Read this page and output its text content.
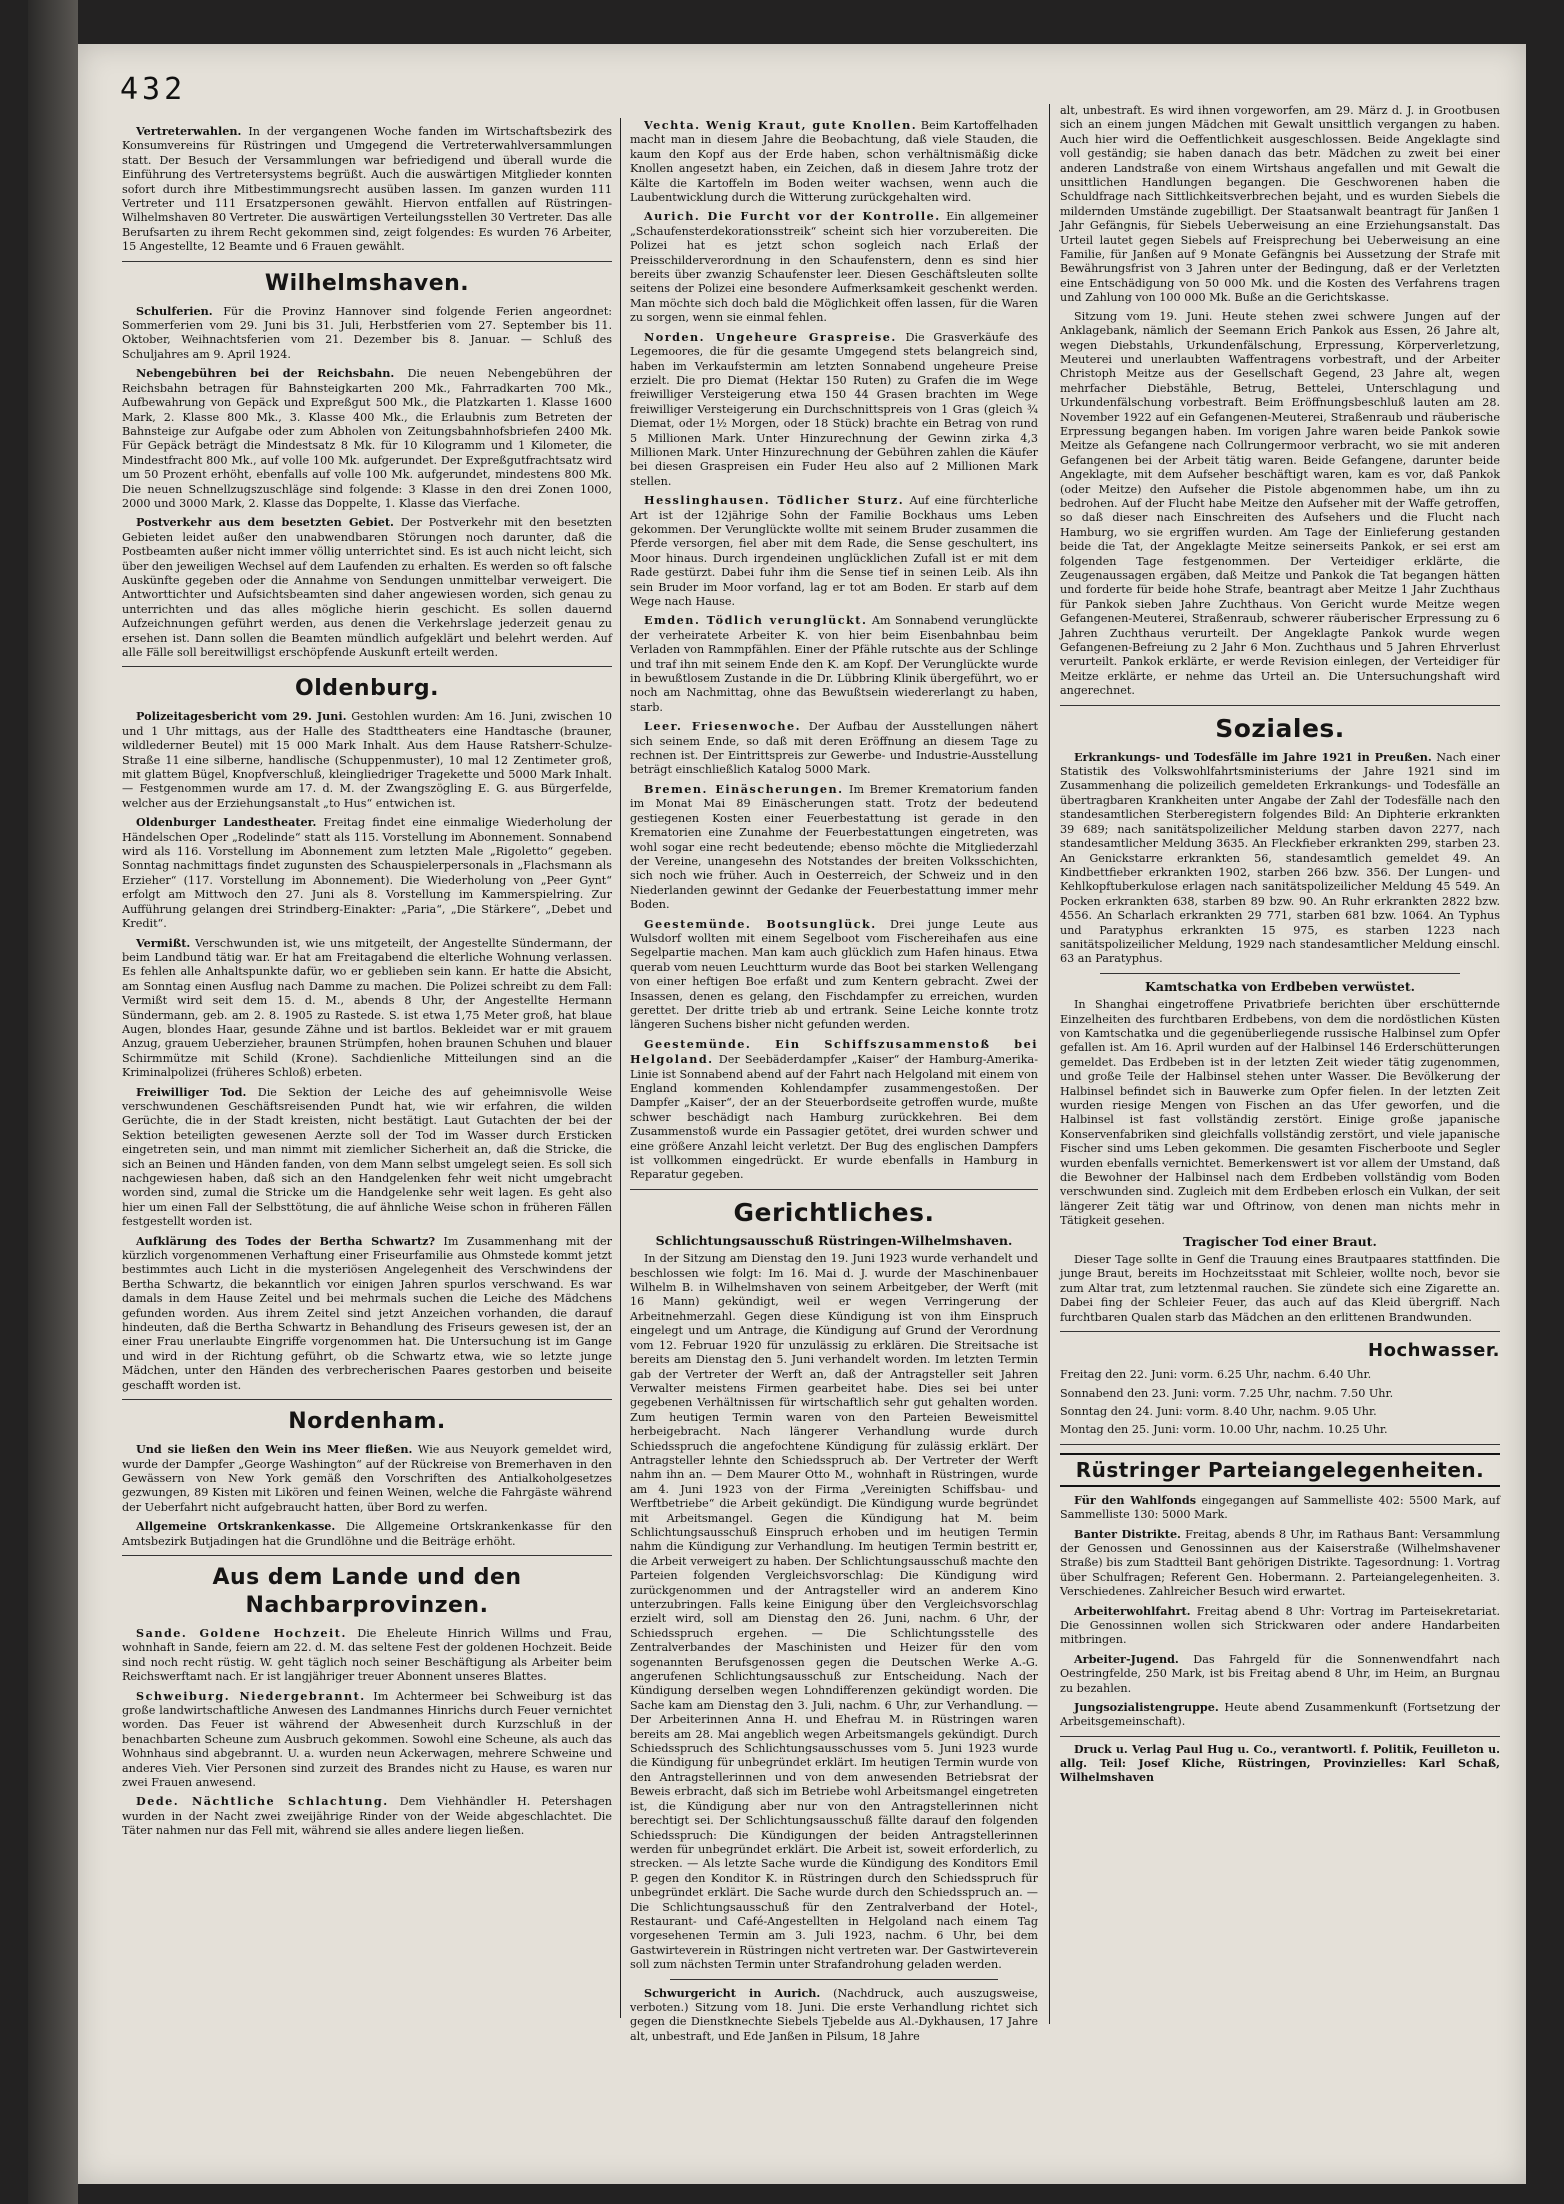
432

Vertreterwahlen. In der vergangenen Woche fanden im Wirtschaftsbezirk des Konsumvereins für Rüstringen und Umgegend die Vertreterwahlversammlungen statt. Der Besuch der Versammlungen war befriedigend und überall wurde die Einführung des Vertretersystems begrüßt. Auch die auswärtigen Mitglieder konnten sofort durch ihre Mitbestimmungsrecht ausüben lassen. Im ganzen wurden 111 Vertreter und 111 Ersatzpersonen gewählt. Hiervon entfallen auf Rüstringen-Wilhelmshaven 80 Vertreter. Die auswärtigen Verteilungsstellen 30 Vertreter. Das alle Berufsarten zu ihrem Recht gekommen sind, zeigt folgendes: Es wurden 76 Arbeiter, 15 Angestellte, 12 Beamte und 6 Frauen gewählt.

Wilhelmshaven.

Schulferien. Für die Provinz Hannover sind folgende Ferien angeordnet: Sommerferien vom 29. Juni bis 31. Juli, Herbstferien vom 27. September bis 11. Oktober, Weihnachtsferien vom 21. Dezember bis 8. Januar. — Schluß des Schuljahres am 9. April 1924.

Nebengebühren bei der Reichsbahn. Die neuen Nebengebühren der Reichsbahn betragen für Bahnsteigkarten 200 Mk., Fahrradkarten 700 Mk., Aufbewahrung von Gepäck und Expreßgut 500 Mk., die Platzkarten 1. Klasse 1600 Mark, 2. Klasse 800 Mk., 3. Klasse 400 Mk., die Erlaubnis zum Betreten der Bahnsteige zur Aufgabe oder zum Abholen von Zeitungsbahnhofsbriefen 2400 Mk. Für Gepäck beträgt die Mindestsatz 8 Mk. für 10 Kilogramm und 1 Kilometer, die Mindestfracht 800 Mk., auf volle 100 Mk. aufgerundet. Der Expreßgutfrachtsatz wird um 50 Prozent erhöht, ebenfalls auf volle 100 Mk. aufgerundet, mindestens 800 Mk. Die neuen Schnellzugszuschläge sind folgende: 3 Klasse in den drei Zonen 1000, 2000 und 3000 Mark, 2. Klasse das Doppelte, 1. Klasse das Vierfache.

Postverkehr aus dem besetzten Gebiet. Der Postverkehr mit den besetzten Gebieten leidet außer den unabwendbaren Störungen noch darunter, daß die Postbeamten außer nicht immer völlig unterrichtet sind. Es ist auch nicht leicht, sich über den jeweiligen Wechsel auf dem Laufenden zu erhalten. Es werden so oft falsche Auskünfte gegeben oder die Annahme von Sendungen unmittelbar verweigert. Die Antworttichter und Aufsichtsbeamten sind daher angewiesen worden, sich genau zu unterrichten und das alles mögliche hierin geschicht. Es sollen dauernd Aufzeichnungen geführt werden, aus denen die Verkehrslage jederzeit genau zu ersehen ist. Dann sollen die Beamten mündlich aufgeklärt und belehrt werden. Auf alle Fälle soll bereitwilligst erschöpfende Auskunft erteilt werden.

Oldenburg.

Polizeitagesbericht vom 29. Juni. Gestohlen wurden: Am 16. Juni, zwischen 10 und 1 Uhr mittags, aus der Halle des Stadttheaters eine Handtasche (brauner, wildlederner Beutel) mit 15 000 Mark Inhalt. Aus dem Hause Ratsherr-Schulze-Straße 11 eine silberne, handlische (Schuppenmuster), 10 mal 12 Zentimeter groß, mit glattem Bügel, Knopfverschluß, kleingliedriger Tragekette und 5000 Mark Inhalt. — Festgenommen wurde am 17. d. M. der Zwangszögling E. G. aus Bürgerfelde, welcher aus der Erziehungsanstalt „to Hus“ entwichen ist.

Oldenburger Landestheater. Freitag findet eine einmalige Wiederholung der Händelschen Oper „Rodelinde“ statt als 115. Vorstellung im Abonnement. Sonnabend wird als 116. Vorstellung im Abonnement zum letzten Male „Rigoletto“ gegeben. Sonntag nachmittags findet zugunsten des Schauspielerpersonals in „Flachsmann als Erzieher“ (117. Vorstellung im Abonnement). Die Wiederholung von „Peer Gynt“ erfolgt am Mittwoch den 27. Juni als 8. Vorstellung im Kammerspielring. Zur Aufführung gelangen drei Strindberg-Einakter: „Paria“, „Die Stärkere“, „Debet und Kredit“.

Vermißt. Verschwunden ist, wie uns mitgeteilt, der Angestellte Sündermann, der beim Landbund tätig war. Er hat am Freitagabend die elterliche Wohnung verlassen. Es fehlen alle Anhaltspunkte dafür, wo er geblieben sein kann. Er hatte die Absicht, am Sonntag einen Ausflug nach Damme zu machen. Die Polizei schreibt zu dem Fall: Vermißt wird seit dem 15. d. M., abends 8 Uhr, der Angestellte Hermann Sündermann, geb. am 2. 8. 1905 zu Rastede. S. ist etwa 1,75 Meter groß, hat blaue Augen, blondes Haar, gesunde Zähne und ist bartlos. Bekleidet war er mit grauem Anzug, grauem Ueberzieher, braunen Strümpfen, hohen braunen Schuhen und blauer Schirmmütze mit Schild (Krone). Sachdienliche Mitteilungen sind an die Kriminalpolizei (früheres Schloß) erbeten.

Freiwilliger Tod. Die Sektion der Leiche des auf geheimnisvolle Weise verschwundenen Geschäftsreisenden Pundt hat, wie wir erfahren, die wilden Gerüchte, die in der Stadt kreisten, nicht bestätigt. Laut Gutachten der bei der Sektion beteiligten gewesenen Aerzte soll der Tod im Wasser durch Ersticken eingetreten sein, und man nimmt mit ziemlicher Sicherheit an, daß die Stricke, die sich an Beinen und Händen fanden, von dem Mann selbst umgelegt seien. Es soll sich nachgewiesen haben, daß sich an den Handgelenken fehr weit nicht umgebracht worden sind, zumal die Stricke um die Handgelenke sehr weit lagen. Es geht also hier um einen Fall der Selbsttötung, die auf ähnliche Weise schon in früheren Fällen festgestellt worden ist.

Aufklärung des Todes der Bertha Schwartz? Im Zusammenhang mit der kürzlich vorgenommenen Verhaftung einer Friseurfamilie aus Ohmstede kommt jetzt bestimmtes auch Licht in die mysteriösen Angelegenheit des Verschwindens der Bertha Schwartz, die bekanntlich vor einigen Jahren spurlos verschwand. Es war damals in dem Hause Zeitel und bei mehrmals suchen die Leiche des Mädchens gefunden worden. Aus ihrem Zeitel sind jetzt Anzeichen vorhanden, die darauf hindeuten, daß die Bertha Schwartz in Behandlung des Friseurs gewesen ist, der an einer Frau unerlaubte Eingriffe vorgenommen hat. Die Untersuchung ist im Gange und wird in der Richtung geführt, ob die Schwartz etwa, wie so letzte junge Mädchen, unter den Händen des verbrecherischen Paares gestorben und beiseite geschafft worden ist.

Nordenham.

Und sie ließen den Wein ins Meer fließen. Wie aus Neuyork gemeldet wird, wurde der Dampfer „George Washington“ auf der Rückreise von Bremerhaven in den Gewässern von New York gemäß den Vorschriften des Antialkoholgesetzes gezwungen, 89 Kisten mit Likören und feinen Weinen, welche die Fahrgäste während der Ueberfahrt nicht aufgebraucht hatten, über Bord zu werfen.

Allgemeine Ortskrankenkasse. Die Allgemeine Ortskrankenkasse für den Amtsbezirk Butjadingen hat die Grundlöhne und die Beiträge erhöht.

Aus dem Lande und den Nachbarprovinzen.

Sande. Goldene Hochzeit. Die Eheleute Hinrich Willms und Frau, wohnhaft in Sande, feiern am 22. d. M. das seltene Fest der goldenen Hochzeit. Beide sind noch recht rüstig. W. geht täglich noch seiner Beschäftigung als Arbeiter beim Reichswerftamt nach. Er ist langjähriger treuer Abonnent unseres Blattes.

Schweiburg. Niedergebrannt. Im Achtermeer bei Schweiburg ist das große landwirtschaftliche Anwesen des Landmannes Hinrichs durch Feuer vernichtet worden. Das Feuer ist während der Abwesenheit durch Kurzschluß in der benachbarten Scheune zum Ausbruch gekommen. Sowohl eine Scheune, als auch das Wohnhaus sind abgebrannt. U. a. wurden neun Ackerwagen, mehrere Schweine und anderes Vieh. Vier Personen sind zurzeit des Brandes nicht zu Hause, es waren nur zwei Frauen anwesend.

Dede. Nächtliche Schlachtung. Dem Viehhändler H. Petershagen wurden in der Nacht zwei zweijährige Rinder von der Weide abgeschlachtet. Die Täter nahmen nur das Fell mit, während sie alles andere liegen ließen.

Vechta. Wenig Kraut, gute Knollen. Beim Kartoffelhaden macht man in diesem Jahre die Beobachtung, daß viele Stauden, die kaum den Kopf aus der Erde haben, schon verhältnismäßig dicke Knollen angesetzt haben, ein Zeichen, daß in diesem Jahre trotz der Kälte die Kartoffeln im Boden weiter wachsen, wenn auch die Laubentwicklung durch die Witterung zurückgehalten wird.

Aurich. Die Furcht vor der Kontrolle. Ein allgemeiner „Schaufensterdekorationsstreik“ scheint sich hier vorzubereiten. Die Polizei hat es jetzt schon sogleich nach Erlaß der Preisschilderverordnung in den Schaufenstern, denn es sind hier bereits über zwanzig Schaufenster leer. Diesen Geschäftsleuten sollte seitens der Polizei eine besondere Aufmerksamkeit geschenkt werden. Man möchte sich doch bald die Möglichkeit offen lassen, für die Waren zu sorgen, wenn sie einmal fehlen.

Norden. Ungeheure Graspreise. Die Grasverkäufe des Legemoores, die für die gesamte Umgegend stets belangreich sind, haben im Verkaufstermin am letzten Sonnabend ungeheure Preise erzielt. Die pro Diemat (Hektar 150 Ruten) zu Grafen die im Wege freiwilliger Versteigerung etwa 150 44 Grasen brachten im Wege freiwilliger Versteigerung ein Durchschnittspreis von 1 Gras (gleich ¾ Diemat, oder 1½ Morgen, oder 18 Stück) brachte ein Betrag von rund 5 Millionen Mark. Unter Hinzurechnung der Gewinn zirka 4,3 Millionen Mark. Unter Hinzurechnung der Gebühren zahlen die Käufer bei diesen Graspreisen ein Fuder Heu also auf 2 Millionen Mark stellen.

Hesslinghausen. Tödlicher Sturz. Auf eine fürchterliche Art ist der 12jährige Sohn der Familie Bockhaus ums Leben gekommen. Der Verunglückte wollte mit seinem Bruder zusammen die Pferde versorgen, fiel aber mit dem Rade, die Sense geschultert, ins Moor hinaus. Durch irgendeinen unglücklichen Zufall ist er mit dem Rade gestürzt. Dabei fuhr ihm die Sense tief in seinen Leib. Als ihn sein Bruder im Moor vorfand, lag er tot am Boden. Er starb auf dem Wege nach Hause.

Emden. Tödlich verunglückt. Am Sonnabend verunglückte der verheiratete Arbeiter K. von hier beim Eisenbahnbau beim Verladen von Rammpfählen. Einer der Pfähle rutschte aus der Schlinge und traf ihn mit seinem Ende den K. am Kopf. Der Verunglückte wurde in bewußtlosem Zustande in die Dr. Lübbring Klinik übergeführt, wo er noch am Nachmittag, ohne das Bewußtsein wiedererlangt zu haben, starb.

Leer. Friesenwoche. Der Aufbau der Ausstellungen nähert sich seinem Ende, so daß mit deren Eröffnung an diesem Tage zu rechnen ist. Der Eintrittspreis zur Gewerbe- und Industrie-Ausstellung beträgt einschließlich Katalog 5000 Mark.

Bremen. Einäscherungen. Im Bremer Krematorium fanden im Monat Mai 89 Einäscherungen statt. Trotz der bedeutend gestiegenen Kosten einer Feuerbestattung ist gerade in den Krematorien eine Zunahme der Feuerbestattungen eingetreten, was wohl sogar eine recht bedeutende; ebenso möchte die Mitgliederzahl der Vereine, unangesehn des Notstandes der breiten Volksschichten, sich noch wie früher. Auch in Oesterreich, der Schweiz und in den Niederlanden gewinnt der Gedanke der Feuerbestattung immer mehr Boden.

Geestemünde. Bootsunglück. Drei junge Leute aus Wulsdorf wollten mit einem Segelboot vom Fischereihafen aus eine Segelpartie machen. Man kam auch glücklich zum Hafen hinaus. Etwa querab vom neuen Leuchtturm wurde das Boot bei starken Wellengang von einer heftigen Boe erfaßt und zum Kentern gebracht. Zwei der Insassen, denen es gelang, den Fischdampfer zu erreichen, wurden gerettet. Der dritte trieb ab und ertrank. Seine Leiche konnte trotz längeren Suchens bisher nicht gefunden werden.

Geestemünde. Ein Schiffszusammenstoß bei Helgoland. Der Seebäderdampfer „Kaiser“ der Hamburg-Amerika-Linie ist Sonnabend abend auf der Fahrt nach Helgoland mit einem von England kommenden Kohlendampfer zusammengestoßen. Der Dampfer „Kaiser“, der an der Steuerbordseite getroffen wurde, mußte schwer beschädigt nach Hamburg zurückkehren. Bei dem Zusammenstoß wurde ein Passagier getötet, drei wurden schwer und eine größere Anzahl leicht verletzt. Der Bug des englischen Dampfers ist vollkommen eingedrückt. Er wurde ebenfalls in Hamburg in Reparatur gegeben.

Gerichtliches.
Schlichtungsausschuß Rüstringen-Wilhelmshaven.

In der Sitzung am Dienstag den 19. Juni 1923 wurde verhandelt und beschlossen wie folgt: Im 16. Mai d. J. wurde der Maschinenbauer Wilhelm B. in Wilhelmshaven von seinem Arbeitgeber, der Werft (mit 16 Mann) gekündigt, weil er wegen Verringerung der Arbeitnehmerzahl. Gegen diese Kündigung ist von ihm Einspruch eingelegt und um Antrage, die Kündigung auf Grund der Verordnung vom 12. Februar 1920 für unzulässig zu erklären. Die Streitsache ist bereits am Dienstag den 5. Juni verhandelt worden. Im letzten Termin gab der Vertreter der Werft an, daß der Antragsteller seit Jahren Verwalter meistens Firmen gearbeitet habe. Dies sei bei unter gegebenen Verhältnissen für wirtschaftlich sehr gut gehalten worden. Zum heutigen Termin waren von den Parteien Beweismittel herbeigebracht. Nach längerer Verhandlung wurde durch Schiedsspruch die angefochtene Kündigung für zulässig erklärt. Der Antragsteller lehnte den Schiedsspruch ab. Der Vertreter der Werft nahm ihn an. — Dem Maurer Otto M., wohnhaft in Rüstringen, wurde am 4. Juni 1923 von der Firma „Vereinigten Schiffsbau- und Werftbetriebe“ die Arbeit gekündigt. Die Kündigung wurde begründet mit Arbeitsmangel. Gegen die Kündigung hat M. beim Schlichtungsausschuß Einspruch erhoben und im heutigen Termin nahm die Kündigung zur Verhandlung. Im heutigen Termin bestritt er, die Arbeit verweigert zu haben. Der Schlichtungsausschuß machte den Parteien folgenden Vergleichsvorschlag: Die Kündigung wird zurückgenommen und der Antragsteller wird an anderem Kino unterzubringen. Falls keine Einigung über den Vergleichsvorschlag erzielt wird, soll am Dienstag den 26. Juni, nachm. 6 Uhr, der Schiedsspruch ergehen. — Die Schlichtungsstelle des Zentralverbandes der Maschinisten und Heizer für den vom sogenannten Berufsgenossen gegen die Deutschen Werke A.-G. angerufenen Schlichtungsausschuß zur Entscheidung. Nach der Kündigung derselben wegen Lohndifferenzen gekündigt worden. Die Sache kam am Dienstag den 3. Juli, nachm. 6 Uhr, zur Verhandlung. — Der Arbeiterinnen Anna H. und Ehefrau M. in Rüstringen waren bereits am 28. Mai angeblich wegen Arbeitsmangels gekündigt. Durch Schiedsspruch des Schlichtungsausschusses vom 5. Juni 1923 wurde die Kündigung für unbegründet erklärt. Im heutigen Termin wurde von den Antragstellerinnen und von dem anwesenden Betriebsrat der Beweis erbracht, daß sich im Betriebe wohl Arbeitsmangel eingetreten ist, die Kündigung aber nur von den Antragstellerinnen nicht berechtigt sei. Der Schlichtungsausschuß fällte darauf den folgenden Schiedsspruch: Die Kündigungen der beiden Antragstellerinnen werden für unbegründet erklärt. Die Arbeit ist, soweit erforderlich, zu strecken. — Als letzte Sache wurde die Kündigung des Konditors Emil P. gegen den Konditor K. in Rüstringen durch den Schiedsspruch für unbegründet erklärt. Die Sache wurde durch den Schiedsspruch an. — Die Schlichtungsausschuß für den Zentralverband der Hotel-, Restaurant- und Café-Angestellten in Helgoland nach einem Tag vorgesehenen Termin am 3. Juli 1923, nachm. 6 Uhr, bei dem Gastwirteverein in Rüstringen nicht vertreten war. Der Gastwirteverein soll zum nächsten Termin unter Strafandrohung geladen werden.

Schwurgericht in Aurich. (Nachdruck, auch auszugsweise, verboten.) Sitzung vom 18. Juni. Die erste Verhandlung richtet sich gegen die Dienstknechte Siebels Tjebelde aus Al.-Dykhausen, 17 Jahre alt, unbestraft, und Ede Janßen in Pilsum, 18 Jahre

alt, unbestraft. Es wird ihnen vorgeworfen, am 29. März d. J. in Grootbusen sich an einem jungen Mädchen mit Gewalt unsittlich vergangen zu haben. Auch hier wird die Oeffentlichkeit ausgeschlossen. Beide Angeklagte sind voll geständig; sie haben danach das betr. Mädchen zu zweit bei einer anderen Landstraße von einem Wirtshaus angefallen und mit Gewalt die unsittlichen Handlungen begangen. Die Geschworenen haben die Schuldfrage nach Sittlichkeitsverbrechen bejaht, und es wurden Siebels die mildernden Umstände zugebilligt. Der Staatsanwalt beantragt für Janßen 1 Jahr Gefängnis, für Siebels Ueberweisung an eine Erziehungsanstalt. Das Urteil lautet gegen Siebels auf Freisprechung bei Ueberweisung an eine Familie, für Janßen auf 9 Monate Gefängnis bei Aussetzung der Strafe mit Bewährungsfrist von 3 Jahren unter der Bedingung, daß er der Verletzten eine Entschädigung von 50 000 Mk. und die Kosten des Verfahrens tragen und Zahlung von 100 000 Mk. Buße an die Gerichtskasse.

Sitzung vom 19. Juni. Heute stehen zwei schwere Jungen auf der Anklagebank, nämlich der Seemann Erich Pankok aus Essen, 26 Jahre alt, wegen Diebstahls, Urkundenfälschung, Erpressung, Körperverletzung, Meuterei und unerlaubten Waffentragens vorbestraft, und der Arbeiter Christoph Meitze aus der Gesellschaft Gegend, 23 Jahre alt, wegen mehrfacher Diebstähle, Betrug, Bettelei, Unterschlagung und Urkundenfälschung vorbestraft. Beim Eröffnungsbeschluß lauten am 28. November 1922 auf ein Gefangenen-Meuterei, Straßenraub und räuberische Erpressung begangen haben. Im vorigen Jahre waren beide Pankok sowie Meitze als Gefangene nach Collrungermoor verbracht, wo sie mit anderen Gefangenen bei der Arbeit tätig waren. Beide Gefangene, darunter beide Angeklagte, mit dem Aufseher beschäftigt waren, kam es vor, daß Pankok (oder Meitze) den Aufseher die Pistole abgenommen habe, um ihn zu bedrohen. Auf der Flucht habe Meitze den Aufseher mit der Waffe getroffen, so daß dieser nach Einschreiten des Aufsehers und die Flucht nach Hamburg, wo sie ergriffen wurden. Am Tage der Einlieferung gestanden beide die Tat, der Angeklagte Meitze seinerseits Pankok, er sei erst am folgenden Tage festgenommen. Der Verteidiger erklärte, die Zeugenaussagen ergäben, daß Meitze und Pankok die Tat begangen hätten und forderte für beide hohe Strafe, beantragt aber Meitze 1 Jahr Zuchthaus für Pankok sieben Jahre Zuchthaus. Von Gericht wurde Meitze wegen Gefangenen-Meuterei, Straßenraub, schwerer räuberischer Erpressung zu 6 Jahren Zuchthaus verurteilt. Der Angeklagte Pankok wurde wegen Gefangenen-Befreiung zu 2 Jahr 6 Mon. Zuchthaus und 5 Jahren Ehrverlust verurteilt. Pankok erklärte, er werde Revision einlegen, der Verteidiger für Meitze erklärte, er nehme das Urteil an. Die Untersuchungshaft wird angerechnet.

Soziales.

Erkrankungs- und Todesfälle im Jahre 1921 in Preußen. Nach einer Statistik des Volkswohlfahrtsministeriums der Jahre 1921 sind im Zusammenhang die polizeilich gemeldeten Erkrankungs- und Todesfälle an übertragbaren Krankheiten unter Angabe der Zahl der Todesfälle nach den standesamtlichen Sterberegistern folgendes Bild: An Diphterie erkrankten 39 689; nach sanitätspolizeilicher Meldung starben davon 2277, nach standesamtlicher Meldung 3635. An Fleckfieber erkrankten 299, starben 23. An Genickstarre erkrankten 56, standesamtlich gemeldet 49. An Kindbettfieber erkrankten 1902, starben 266 bzw. 356. Der Lungen- und Kehlkopftuberkulose erlagen nach sanitätspolizeilicher Meldung 45 549. An Pocken erkrankten 638, starben 89 bzw. 90. An Ruhr erkrankten 2822 bzw. 4556. An Scharlach erkrankten 29 771, starben 681 bzw. 1064. An Typhus und Paratyphus erkrankten 15 975, es starben 1223 nach sanitätspolizeilicher Meldung, 1929 nach standesamtlicher Meldung einschl. 63 an Paratyphus.

Kamtschatka von Erdbeben verwüstet.

In Shanghai eingetroffene Privatbriefe berichten über erschütternde Einzelheiten des furchtbaren Erdbebens, von dem die nordöstlichen Küsten von Kamtschatka und die gegenüberliegende russische Halbinsel zum Opfer gefallen ist. Am 16. April wurden auf der Halbinsel 146 Erderschütterungen gemeldet. Das Erdbeben ist in der letzten Zeit wieder tätig zugenommen, und große Teile der Halbinsel stehen unter Wasser. Die Bevölkerung der Halbinsel befindet sich in Bauwerke zum Opfer fielen. In der letzten Zeit wurden riesige Mengen von Fischen an das Ufer geworfen, und die Halbinsel ist fast vollständig zerstört. Einige große japanische Konservenfabriken sind gleichfalls vollständig zerstört, und viele japanische Fischer sind ums Leben gekommen. Die gesamten Fischerboote und Segler wurden ebenfalls vernichtet. Bemerkenswert ist vor allem der Umstand, daß die Bewohner der Halbinsel nach dem Erdbeben vollständig vom Boden verschwunden sind. Zugleich mit dem Erdbeben erlosch ein Vulkan, der seit längerer Zeit tätig war und Oftrinow, von denen man nichts mehr in Tätigkeit gesehen.

Tragischer Tod einer Braut.

Dieser Tage sollte in Genf die Trauung eines Brautpaares stattfinden. Die junge Braut, bereits im Hochzeitsstaat mit Schleier, wollte noch, bevor sie zum Altar trat, zum letztenmal rauchen. Sie zündete sich eine Zigarette an. Dabei fing der Schleier Feuer, das auch auf das Kleid übergriff. Nach furchtbaren Qualen starb das Mädchen an den erlittenen Brandwunden.

Hochwasser.
Freitag den 22. Juni: vorm. 6.25 Uhr, nachm. 6.40 Uhr.
Sonnabend den 23. Juni: vorm. 7.25 Uhr, nachm. 7.50 Uhr.
Sonntag den 24. Juni: vorm. 8.40 Uhr, nachm. 9.05 Uhr.
Montag den 25. Juni: vorm. 10.00 Uhr, nachm. 10.25 Uhr.
Rüstringer Parteiangelegenheiten.

Für den Wahlfonds eingegangen auf Sammelliste 402: 5500 Mark, auf Sammelliste 130: 5000 Mark.

Banter Distrikte. Freitag, abends 8 Uhr, im Rathaus Bant: Versammlung der Genossen und Genossinnen aus der Kaiserstraße (Wilhelmshavener Straße) bis zum Stadtteil Bant gehörigen Distrikte. Tagesordnung: 1. Vortrag über Schulfragen; Referent Gen. Hobermann. 2. Parteiangelegenheiten. 3. Verschiedenes. Zahlreicher Besuch wird erwartet.

Arbeiterwohlfahrt. Freitag abend 8 Uhr: Vortrag im Parteisekretariat. Die Genossinnen wollen sich Strickwaren oder andere Handarbeiten mitbringen.

Arbeiter-Jugend. Das Fahrgeld für die Sonnenwendfahrt nach Oestringfelde, 250 Mark, ist bis Freitag abend 8 Uhr, im Heim, an Burgnau zu bezahlen.

Jungsozialistengruppe. Heute abend Zusammenkunft (Fortsetzung der Arbeitsgemeinschaft).

Druck u. Verlag Paul Hug u. Co., verantwortl. f. Politik, Feuilleton u. allg. Teil: Josef Kliche, Rüstringen, Provinzielles: Karl Schaß, Wilhelmshaven
